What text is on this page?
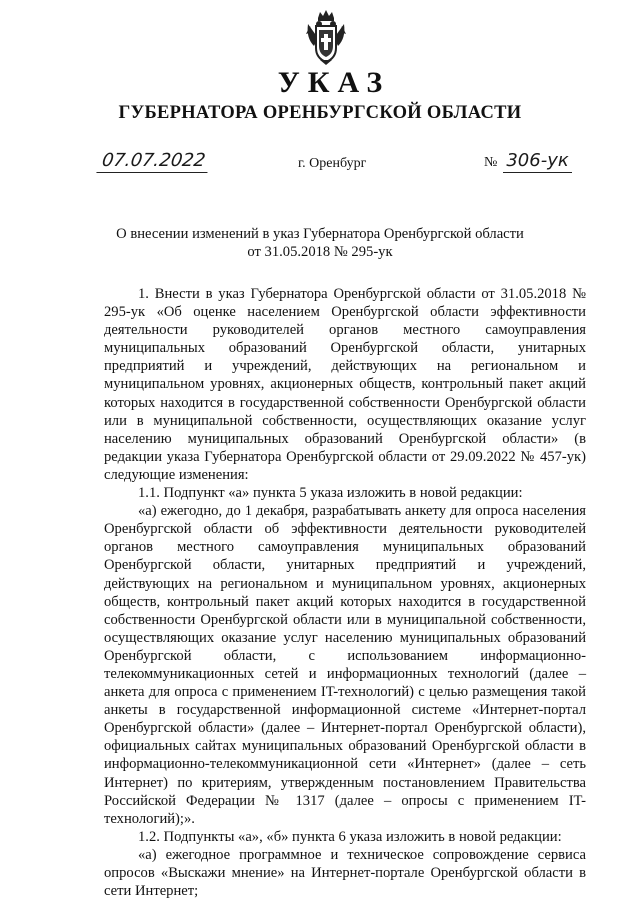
УКАЗ
ГУБЕРНАТОРА ОРЕНБУРГСКОЙ ОБЛАСТИ
07.07.2022	г. Оренбург	№ 306-ук
О внесении изменений в указ Губернатора Оренбургской области
от 31.05.2018 № 295-ук

1. Внести в указ Губернатора Оренбургской области от 31.05.2018 № 295-ук «Об оценке населением Оренбургской области эффективности деятельности руководителей органов местного самоуправления муниципальных образований Оренбургской области, унитарных предприятий и учреждений, действующих на региональном и муниципальном уровнях, акционерных обществ, контрольный пакет акций которых находится в государственной собственности Оренбургской области или в муниципальной собственности, осуществляющих оказание услуг населению муниципальных образований Оренбургской области» (в редакции указа Губернатора Оренбургской области от 29.09.2022 № 457-ук) следующие изменения:

1.1. Подпункт «а» пункта 5 указа изложить в новой редакции:

«а) ежегодно, до 1 декабря, разрабатывать анкету для опроса населения Оренбургской области об эффективности деятельности руководителей органов местного самоуправления муниципальных образований Оренбургской области, унитарных предприятий и учреждений, действующих на региональном и муниципальном уровнях, акционерных обществ, контрольный пакет акций которых находится в государственной собственности Оренбургской области или в муниципальной собственности, осуществляющих оказание услуг населению муниципальных образований Оренбургской области, с использованием информационно-телекоммуникационных сетей и информационных технологий (далее – анкета для опроса с применением IT-технологий) с целью размещения такой анкеты в государственной информационной системе «Интернет-портал Оренбургской области» (далее – Интернет-портал Оренбургской области), официальных сайтах муниципальных образований Оренбургской области в информационно-телекоммуникационной сети «Интернет» (далее – сеть Интернет) по критериям, утвержденным постановлением Правительства Российской Федерации № 1317 (далее – опросы с применением IT-технологий);».

1.2. Подпункты «а», «б» пункта 6 указа изложить в новой редакции:

«а) ежегодное программное и техническое сопровождение сервиса опросов «Выскажи мнение» на Интернет-портале Оренбургской области в сети Интернет;
